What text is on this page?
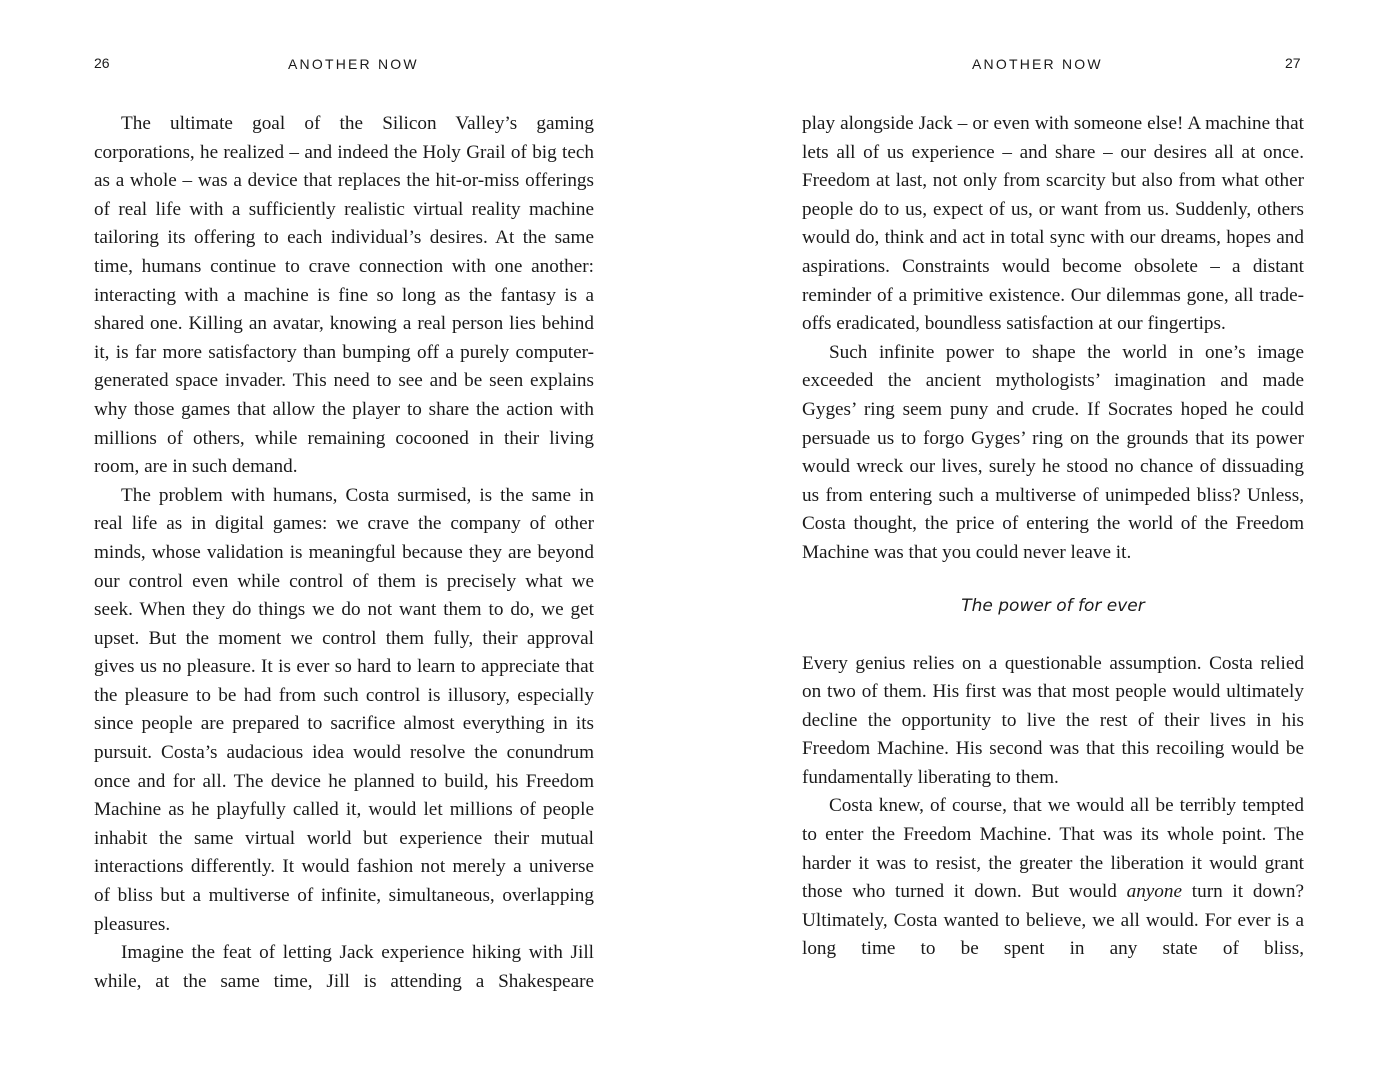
26	ANOTHER NOW

The ultimate goal of the Silicon Valley’s gaming corporations, he realized – and indeed the Holy Grail of big tech as a whole – was a device that replaces the hit-or-miss offerings of real life with a sufficiently realistic virtual reality machine tailoring its offering to each individual’s desires. At the same time, humans continue to crave connection with one another: interacting with a machine is fine so long as the fantasy is a shared one. Killing an avatar, knowing a real person lies behind it, is far more satisfactory than bumping off a purely computer-generated space invader. This need to see and be seen explains why those games that allow the player to share the action with millions of others, while remaining cocooned in their living room, are in such demand.

The problem with humans, Costa surmised, is the same in real life as in digital games: we crave the company of other minds, whose validation is meaningful because they are beyond our control even while control of them is precisely what we seek. When they do things we do not want them to do, we get upset. But the moment we control them fully, their approval gives us no pleasure. It is ever so hard to learn to appreciate that the pleasure to be had from such control is illusory, especially since people are prepared to sacrifice almost everything in its pursuit. Costa’s audacious idea would resolve the conundrum once and for all. The device he planned to build, his Freedom Machine as he playfully called it, would let millions of people inhabit the same virtual world but experience their mutual interactions differently. It would fashion not merely a universe of bliss but a multiverse of infinite, simultaneous, overlapping pleasures.

Imagine the feat of letting Jack experience hiking with Jill while, at the same time, Jill is attending a Shakespeare

ANOTHER NOW	27

play alongside Jack – or even with someone else! A machine that lets all of us experience – and share – our desires all at once. Freedom at last, not only from scarcity but also from what other people do to us, expect of us, or want from us. Suddenly, others would do, think and act in total sync with our dreams, hopes and aspirations. Constraints would become obsolete – a distant reminder of a primitive existence. Our dilemmas gone, all trade-offs eradicated, boundless satisfaction at our fingertips.

Such infinite power to shape the world in one’s image exceeded the ancient mythologists’ imagination and made Gyges’ ring seem puny and crude. If Socrates hoped he could persuade us to forgo Gyges’ ring on the grounds that its power would wreck our lives, surely he stood no chance of dissuading us from entering such a multiverse of unimpeded bliss? Unless, Costa thought, the price of entering the world of the Freedom Machine was that you could never leave it.

The power of for ever

Every genius relies on a questionable assumption. Costa relied on two of them. His first was that most people would ultimately decline the opportunity to live the rest of their lives in his Freedom Machine. His second was that this recoiling would be fundamentally liberating to them.

Costa knew, of course, that we would all be terribly tempted to enter the Freedom Machine. That was its whole point. The harder it was to resist, the greater the liberation it would grant those who turned it down. But would anyone turn it down? Ultimately, Costa wanted to believe, we all would. For ever is a long time to be spent in any state of bliss,
